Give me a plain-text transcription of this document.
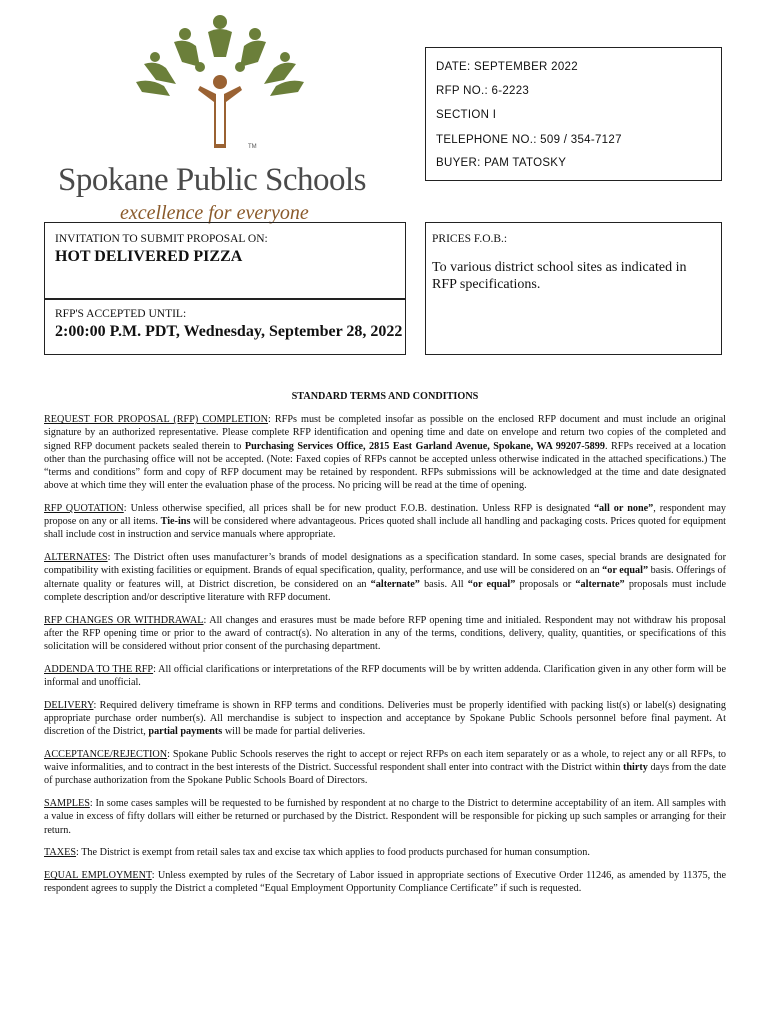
TM
Spokane Public Schools
excellence for everyone
DATE: SEPTEMBER 2022
RFP NO.: 6-2223
SECTION I
TELEPHONE NO.: 509 / 354-7127
BUYER: PAM TATOSKY
INVITATION TO SUBMIT PROPOSAL ON:
HOT DELIVERED PIZZA
PRICES F.O.B.:
To various district school sites as indicated in RFP specifications.
RFP'S ACCEPTED UNTIL:
2:00:00 P.M. PDT, Wednesday, September 28, 2022
STANDARD TERMS AND CONDITIONS

REQUEST FOR PROPOSAL (RFP) COMPLETION: RFPs must be completed insofar as possible on the enclosed RFP document and must include an original signature by an authorized representative. Please complete RFP identification and opening time and date on envelope and return two copies of the completed and signed RFP document packets sealed therein to Purchasing Services Office, 2815 East Garland Avenue, Spokane, WA 99207-5899. RFPs received at a location other than the purchasing office will not be accepted. (Note: Faxed copies of RFPs cannot be accepted unless otherwise indicated in the attached specifications.) The “terms and conditions” form and copy of RFP document may be retained by respondent. RFPs submissions will be acknowledged at the time and date designated above at which time they will enter the evaluation phase of the process. No pricing will be read at the time of opening.

RFP QUOTATION: Unless otherwise specified, all prices shall be for new product F.O.B. destination. Unless RFP is designated “all or none”, respondent may propose on any or all items. Tie-ins will be considered where advantageous. Prices quoted shall include all handling and packaging costs. Prices quoted for equipment shall include cost in instruction and service manuals where appropriate.

ALTERNATES: The District often uses manufacturer’s brands of model designations as a specification standard. In some cases, special brands are designated for compatibility with existing facilities or equipment. Brands of equal specification, quality, performance, and use will be considered on an “or equal” basis. Offerings of alternate quality or features will, at District discretion, be considered on an “alternate” basis. All “or equal” proposals or “alternate” proposals must include complete description and/or descriptive literature with RFP document.

RFP CHANGES OR WITHDRAWAL: All changes and erasures must be made before RFP opening time and initialed. Respondent may not withdraw his proposal after the RFP opening time or prior to the award of contract(s). No alteration in any of the terms, conditions, delivery, quality, quantities, or specifications of this solicitation will be considered without prior consent of the purchasing department.

ADDENDA TO THE RFP: All official clarifications or interpretations of the RFP documents will be by written addenda. Clarification given in any other form will be informal and unofficial.

DELIVERY: Required delivery timeframe is shown in RFP terms and conditions. Deliveries must be properly identified with packing list(s) or label(s) designating appropriate purchase order number(s). All merchandise is subject to inspection and acceptance by Spokane Public Schools personnel before final payment. At discretion of the District, partial payments will be made for partial deliveries.

ACCEPTANCE/REJECTION: Spokane Public Schools reserves the right to accept or reject RFPs on each item separately or as a whole, to reject any or all RFPs, to waive informalities, and to contract in the best interests of the District. Successful respondent shall enter into contract with the District within thirty days from the date of purchase authorization from the Spokane Public Schools Board of Directors.

SAMPLES: In some cases samples will be requested to be furnished by respondent at no charge to the District to determine acceptability of an item. All samples with a value in excess of fifty dollars will either be returned or purchased by the District. Respondent will be responsible for picking up such samples or arranging for their return.

TAXES: The District is exempt from retail sales tax and excise tax which applies to food products purchased for human consumption.

EQUAL EMPLOYMENT: Unless exempted by rules of the Secretary of Labor issued in appropriate sections of Executive Order 11246, as amended by 11375, the respondent agrees to supply the District a completed “Equal Employment Opportunity Compliance Certificate” if such is requested.
